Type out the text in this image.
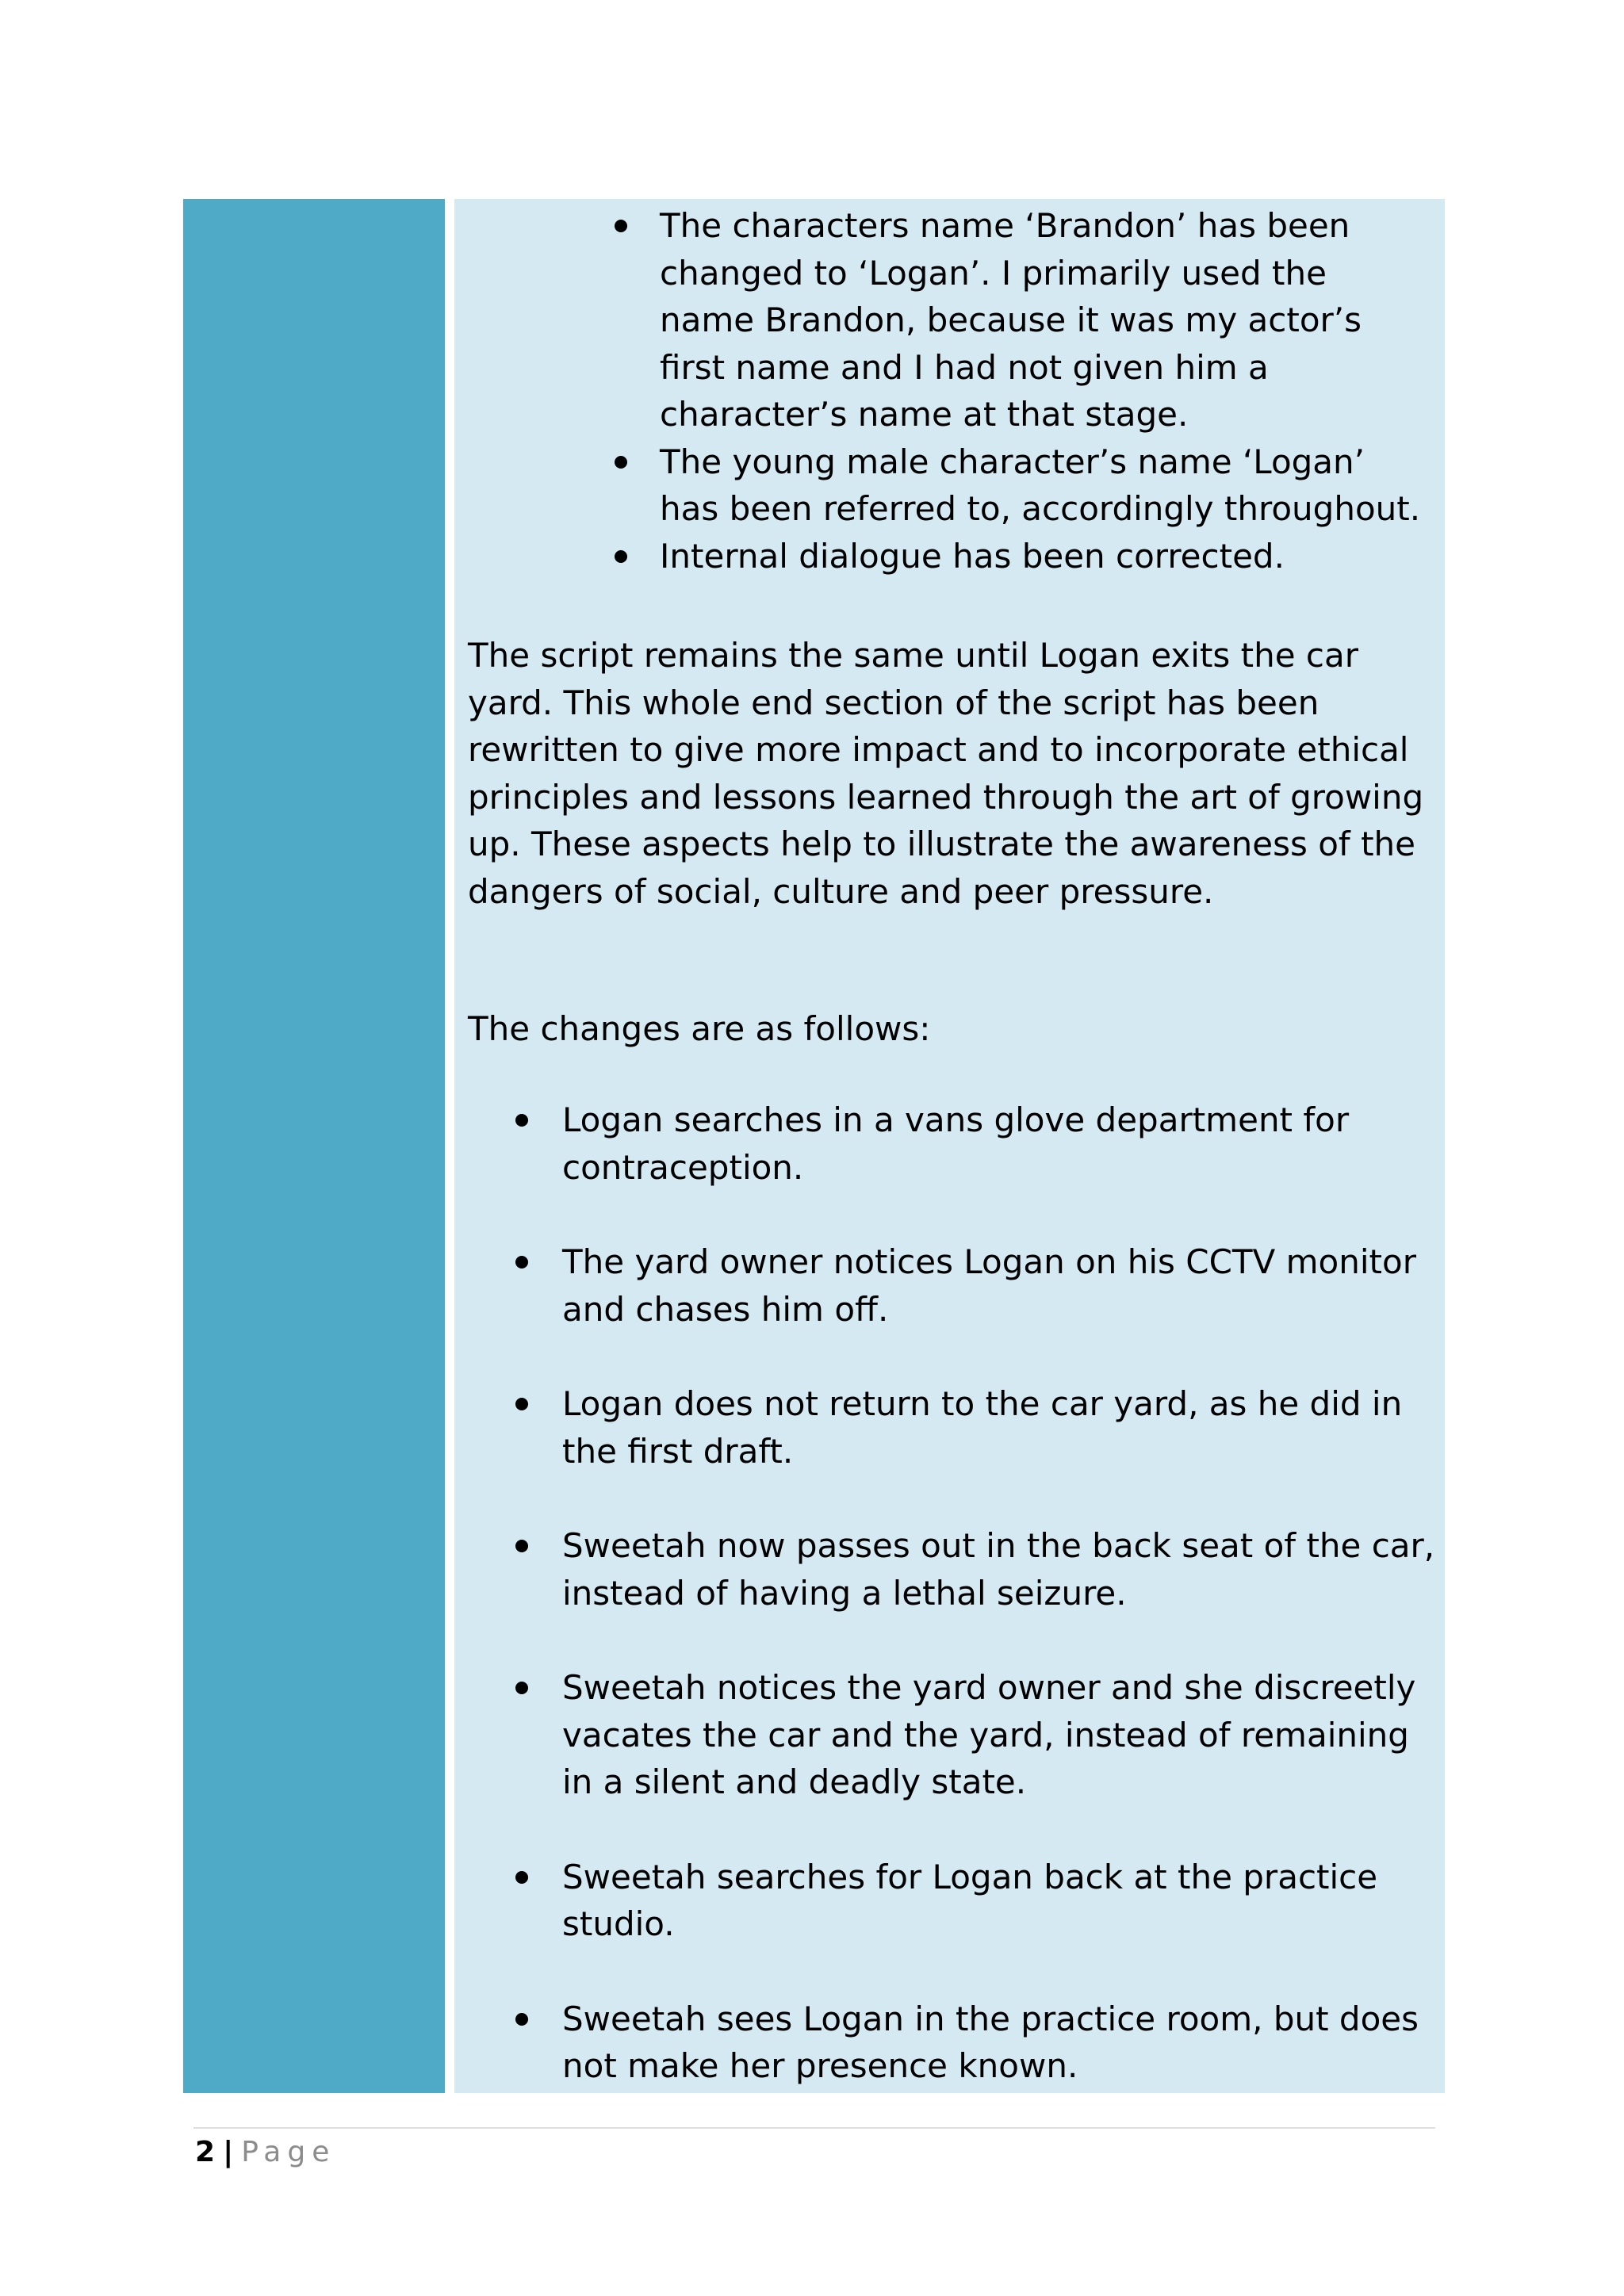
The characters name ‘Brandon’ has been changed to ‘Logan’. I primarily used the name Brandon, because it was my actor’s first name and I had not given him a character’s name at that stage.
The young male character’s name ‘Logan’ has been referred to, accordingly throughout.
Internal dialogue has been corrected.

The script remains the same until Logan exits the car yard. This whole end section of the script has been rewritten to give more impact and to incorporate ethical principles and lessons learned through the art of growing up. These aspects help to illustrate the awareness of the dangers of social, culture and peer pressure.

The changes are as follows:

Logan searches in a vans glove department for contraception.
The yard owner notices Logan on his CCTV monitor and chases him off.
Logan does not return to the car yard, as he did in the first draft.
Sweetah now passes out in the back seat of the car, instead of having a lethal seizure.
Sweetah notices the yard owner and she discreetly vacates the car and the yard, instead of remaining in a silent and deadly state.
Sweetah searches for Logan back at the practice studio.
Sweetah sees Logan in the practice room, but does not make her presence known.
2 | Page
